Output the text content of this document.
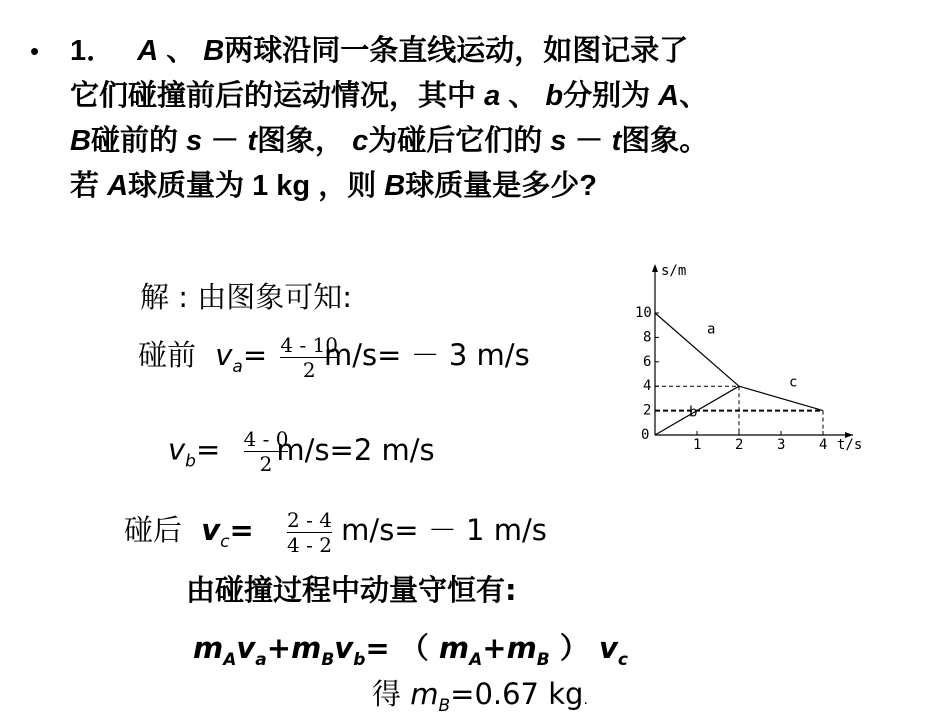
• 1． A 、 B两球沿同一条直线运动，如图记录了
它们碰撞前后的运动情况，其中 a 、 b分别为 A、
B碰前的 s － t图象， c为碰后它们的 s － t图象。
若 A球质量为 1 kg ，则 B球质量是多少?
解 : 由图象可知:
碰前 $v_a= \frac{4 - 10}{2}$
m/s= － 3 m/s
$v_b= \frac{4 - 0}{2}$
m/s=2 m/s
碰后 $v_c= \frac{2 - 4}{4 - 2} m/s= - 1$ m/s
由碰撞过程中动量守恒有:
$m_Av_a+m_Bv_b=$ （ $m_A+m_B$ ） $v_c$
得 $m_B=0.67$ kg.
s/m
t/s
0
1 2 3 4
2
4
6
8
10
a
b
c
